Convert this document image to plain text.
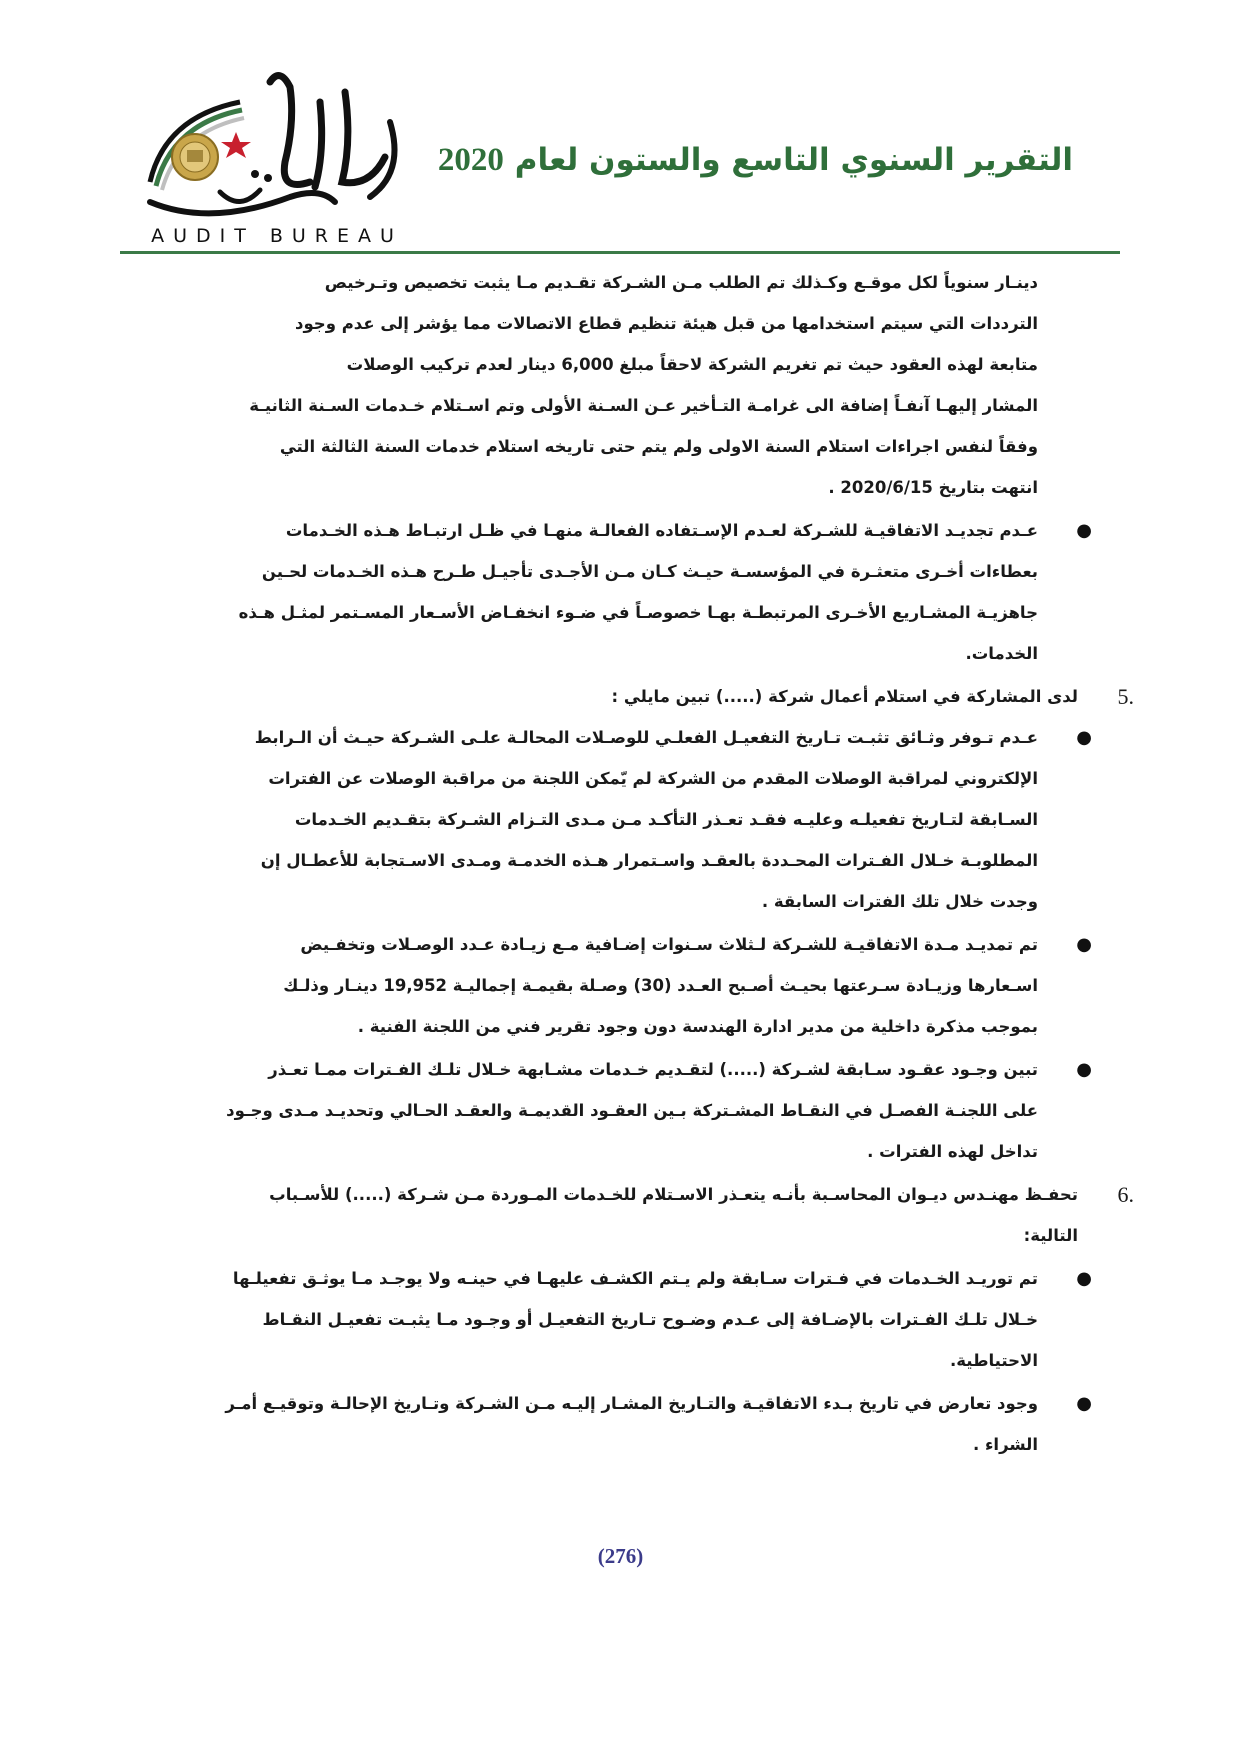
AUDIT BUREAU
التقرير السنوي التاسع والستون لعام 2020

دينـار سنوياً لكل موقـع وكـذلك تم الطلب مـن الشـركة تقـديم مـا يثبت تخصيص وتـرخيص
الترددات التي سيتم استخدامها من قبل هيئة تنظيم قطاع الاتصالات مما يؤشر إلى عدم وجود
متابعة لهذه العقود حيث تم تغريم الشركة لاحقاً مبلغ 6,000 دينار لعدم تركيب الوصلات
المشار إليهـا آنفـاً إضافة الى غرامـة التـأخير عـن السـنة الأولى وتم اسـتلام خـدمات السـنة الثانيـة
وفقاً لنفس اجراءات استلام السنة الاولى ولم يتم حتى تاريخه استلام خدمات السنة الثالثة التي
انتهت بتاريخ 2020/6/15 .

●

عـدم تجديـد الاتفاقيـة للشـركة لعـدم الإسـتفاده الفعالـة منهـا في ظـل ارتبـاط هـذه الخـدمات
بعطاءات أخـرى متعثـرة في المؤسسـة حيـث كـان مـن الأجـدى تأجيـل طـرح هـذه الخـدمات لحـين
جاهزيـة المشـاريع الأخـرى المرتبطـة بهـا خصوصـاً في ضـوء انخفـاض الأسـعار المسـتمر لمثـل هـذه
الخدمات.

5.

لدى المشاركة في استلام أعمال شركة (.....) تبين مايلي :

●

عـدم تـوفر وثـائق تثبـت تـاريخ التفعيـل الفعلـي للوصـلات المحالـة علـى الشـركة حيـث أن الـرابط
الإلكتروني لمراقبة الوصلات المقدم من الشركة لم يّمكن اللجنة من مراقبة الوصلات عن الفترات
السـابقة لتـاريخ تفعيلـه وعليـه فقـد تعـذر التأكـد مـن مـدى التـزام الشـركة بتقـديم الخـدمات
المطلوبـة خـلال الفـترات المحـددة بالعقـد واسـتمرار هـذه الخدمـة ومـدى الاسـتجابة للأعطـال إن
وجدت خلال تلك الفترات السابقة .

●

تم تمديـد مـدة الاتفاقيـة للشـركة لـثلاث سـنوات إضـافية مـع زيـادة عـدد الوصـلات وتخفـيض
اسـعارها وزيـادة سـرعتها بحيـث أصـبح العـدد (30) وصـلة بقيمـة إجماليـة 19,952 دينـار وذلـك
بموجب مذكرة داخلية من مدير ادارة الهندسة دون وجود تقرير فني من اللجنة الفنية .

●

تبين وجـود عقـود سـابقة لشـركة (.....) لتقـديم خـدمات مشـابهة خـلال تلـك الفـترات ممـا تعـذر
على اللجنـة الفصـل في النقـاط المشـتركة بـين العقـود القديمـة والعقـد الحـالي وتحديـد مـدى وجـود
تداخل لهذه الفترات .

6.

تحفـظ مهنـدس ديـوان المحاسـبة بأنـه يتعـذر الاسـتلام للخـدمات المـوردة مـن شـركة (.....) للأسـباب
التالية:

●

تم توريـد الخـدمات في فـترات سـابقة ولم يـتم الكشـف عليهـا في حينـه ولا يوجـد مـا يوثـق تفعيلـها
خـلال تلـك الفـترات بالإضـافة إلى عـدم وضـوح تـاريخ التفعيـل أو وجـود مـا يثبـت تفعيـل النقـاط
الاحتياطية.

●

وجود تعارض في تاريخ بـدء الاتفاقيـة والتـاريخ المشـار إليـه مـن الشـركة وتـاريخ الإحالـة وتوقيـع أمـر
الشراء .

(276)
